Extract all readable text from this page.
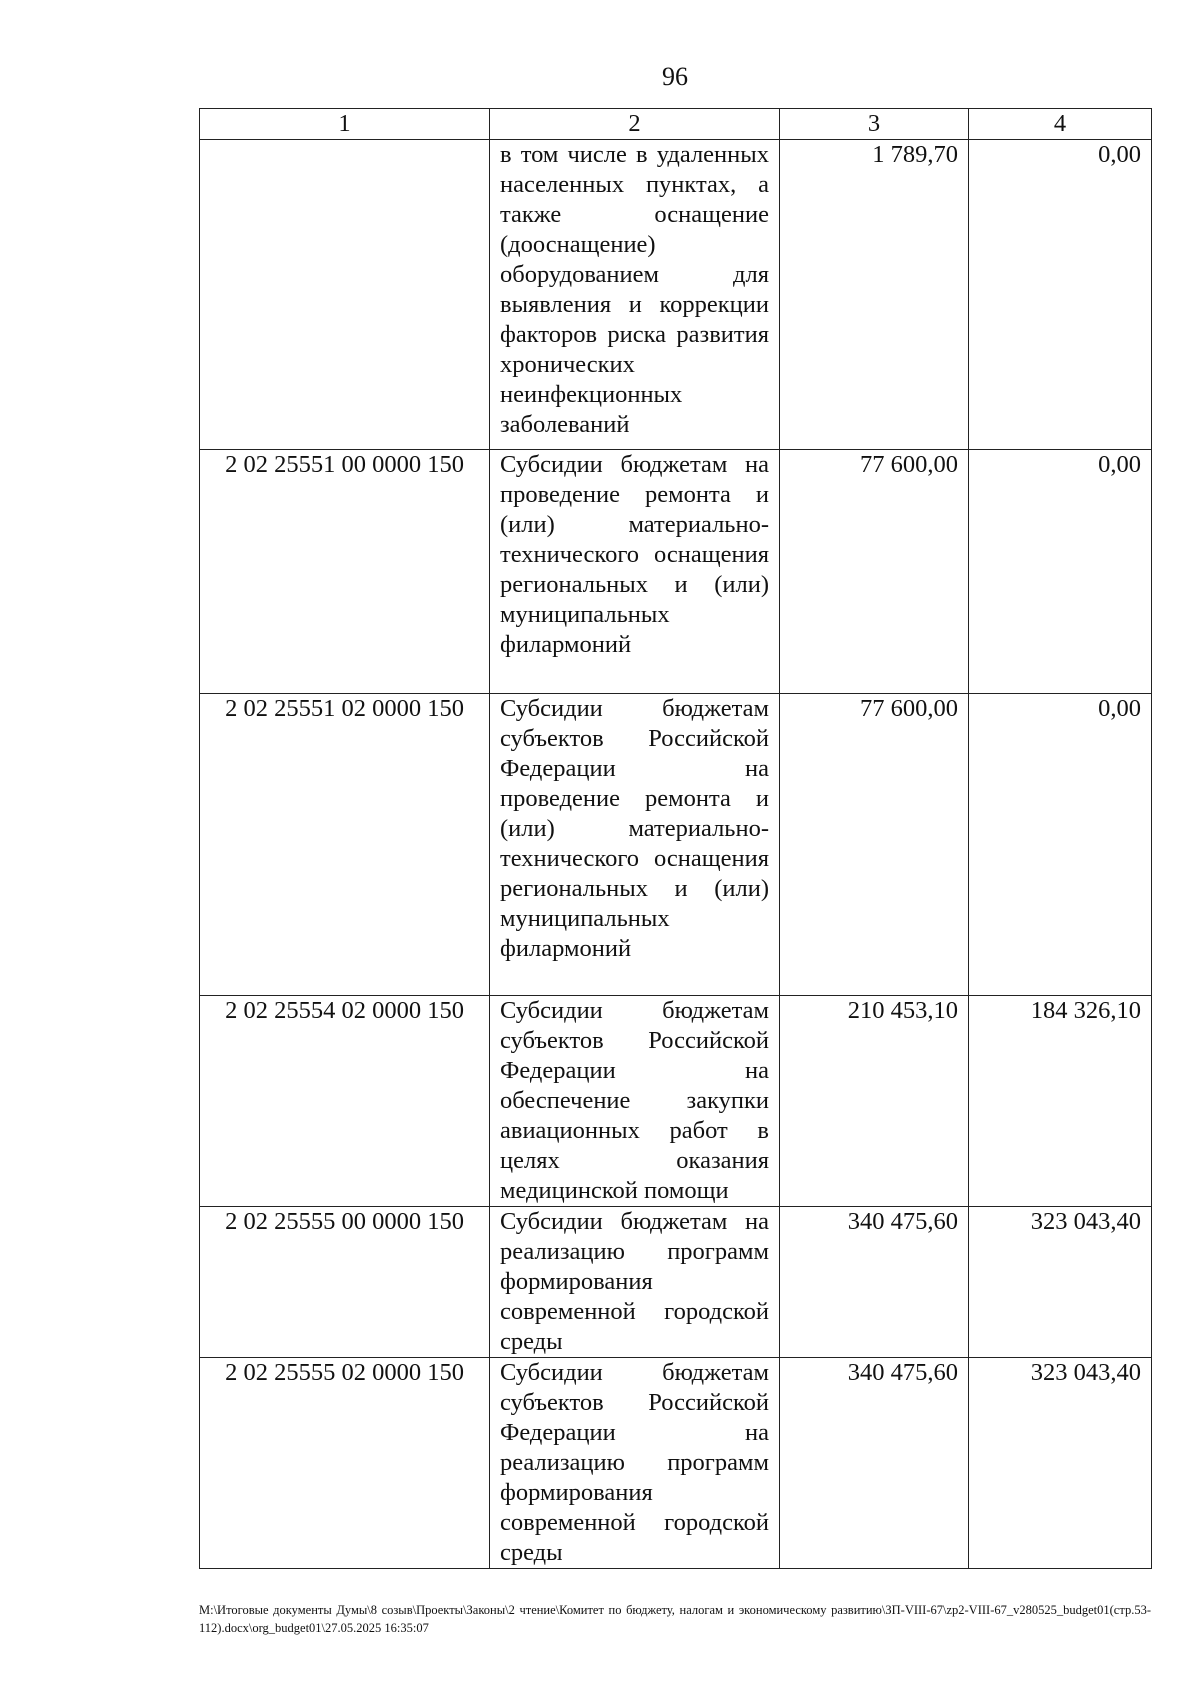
96
1	2	3	4
	в том числе в удаленных населенных пунктах, а также оснащение (дооснащение) оборудованием для выявления и коррекции факторов риска развития хронических неинфекционных заболеваний	1 789,70	0,00
2 02 25551 00 0000 150	Субсидии бюджетам на проведение ремонта и (или) материально-технического оснащения региональных и (или) муниципальных филармоний	77 600,00	0,00
2 02 25551 02 0000 150	Субсидии бюджетам субъектов Российской Федерации на проведение ремонта и (или) материально-технического оснащения региональных и (или) муниципальных филармоний	77 600,00	0,00
2 02 25554 02 0000 150	Субсидии бюджетам субъектов Российской Федерации на обеспечение закупки авиационных работ в целях оказания медицинской помощи	210 453,10	184 326,10
2 02 25555 00 0000 150	Субсидии бюджетам на реализацию программ формирования современной городской среды	340 475,60	323 043,40
2 02 25555 02 0000 150	Субсидии бюджетам субъектов Российской Федерации на реализацию программ формирования современной городской среды	340 475,60	323 043,40
M:\Итоговые документы Думы\8 созыв\Проекты\Законы\2 чтение\Комитет по бюджету, налогам и экономическому развитию\ЗП-VIII-67\zp2-VIII-67_v280525_budget01(стр.53-112).docx\org_budget01\27.05.2025 16:35:07
